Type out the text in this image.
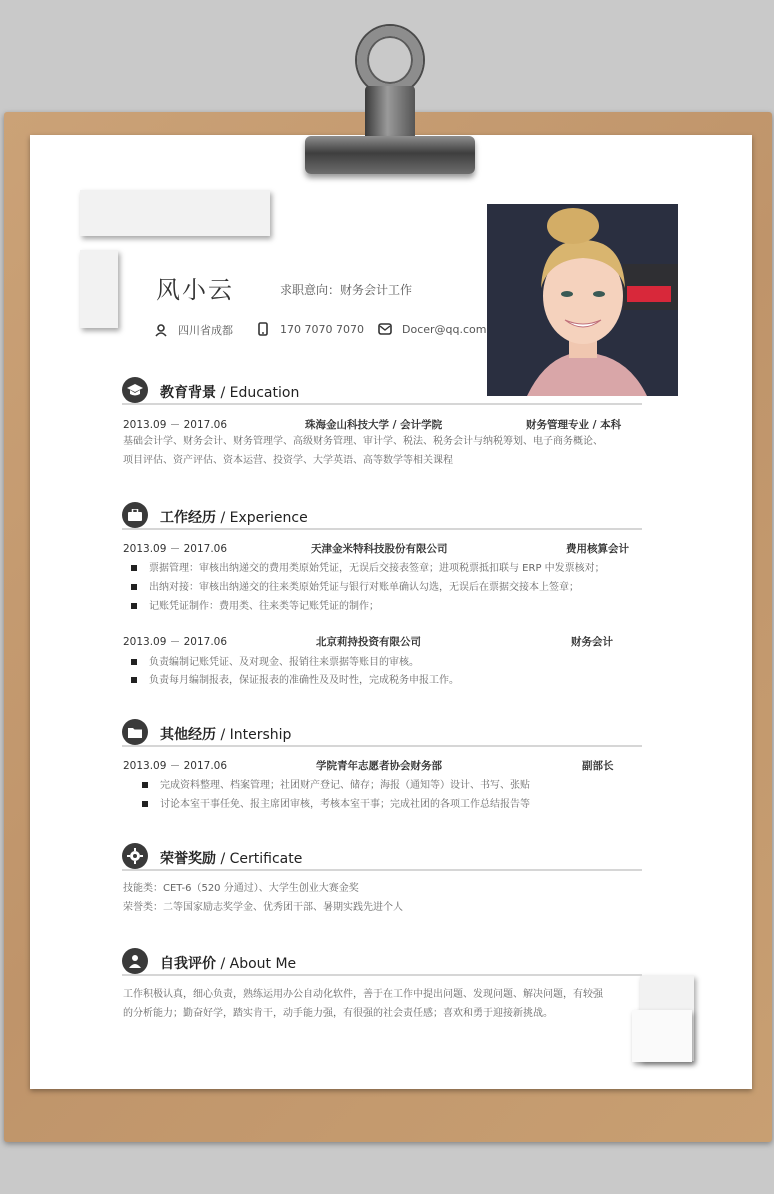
风小云	求职意向：财务会计工作
四川省成都	170 7070 7070	Docer@qq.com
教育背景 / Education
2013.09 － 2017.06	珠海金山科技大学 / 会计学院	财务管理专业 / 本科
基础会计学、财务会计、财务管理学、高级财务管理、审计学、税法、税务会计与纳税筹划、电子商务概论、
项目评估、资产评估、资本运营、投资学、大学英语、高等数学等相关课程
工作经历 / Experience
2013.09 － 2017.06	天津金米特科技股份有限公司	费用核算会计
票据管理：审核出纳递交的费用类原始凭证，无误后交接表签章；进项税票抵扣联与 ERP 中发票核对；
出纳对接：审核出纳递交的往来类原始凭证与银行对账单确认勾选，无误后在票据交接本上签章；
记账凭证制作：费用类、往来类等记账凭证的制作；
2013.09 － 2017.06	北京莉持投资有限公司	财务会计
负责编制记账凭证、及对现金、报销往来票据等账目的审核。
负责每月编制报表，保证报表的准确性及及时性，完成税务申报工作。
其他经历 / Intership
2013.09 － 2017.06	学院青年志愿者协会财务部	副部长
完成资料整理、档案管理；社团财产登记、储存；海报（通知等）设计、书写、张贴
讨论本室干事任免、报主席团审核，考核本室干事；完成社团的各项工作总结报告等
荣誉奖励 / Certificate
技能类：CET-6（520 分通过）、大学生创业大赛金奖
荣誉类：二等国家励志奖学金、优秀团干部、暑期实践先进个人
自我评价 / About Me
工作积极认真，细心负责，熟练运用办公自动化软件，善于在工作中提出问题、发现问题、解决问题，有较强
的分析能力；勤奋好学，踏实肯干，动手能力强，有很强的社会责任感；喜欢和勇于迎接新挑战。
